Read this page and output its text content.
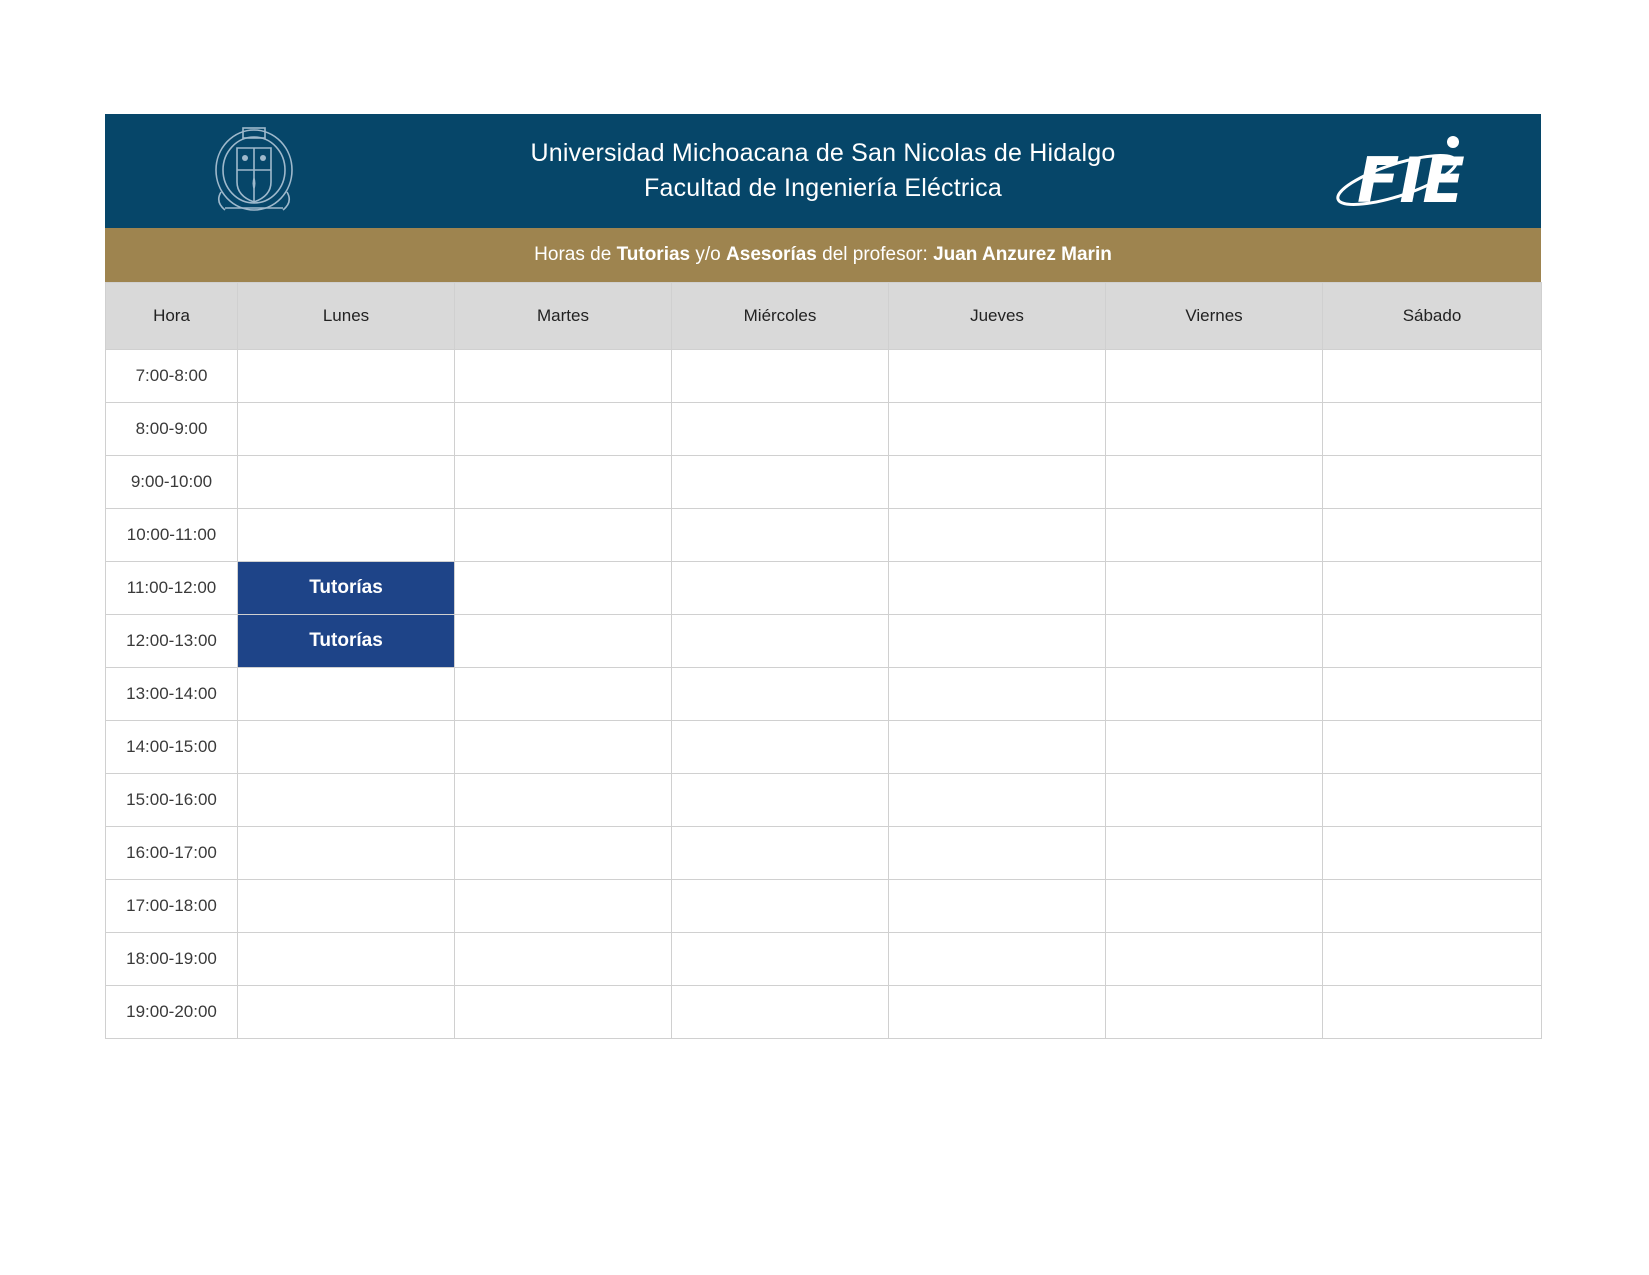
Universidad Michoacana de San Nicolas de Hidalgo
Facultad de Ingeniería Eléctrica	FIE
Horas de Tutorias y/o Asesorías del profesor: Juan Anzurez Marin
Hora	Lunes	Martes	Miércoles	Jueves	Viernes	Sábado
7:00-8:00						
8:00-9:00						
9:00-10:00						
10:00-11:00						
11:00-12:00	Tutorías					
12:00-13:00	Tutorías					
13:00-14:00						
14:00-15:00						
15:00-16:00						
16:00-17:00						
17:00-18:00						
18:00-19:00						
19:00-20:00						
